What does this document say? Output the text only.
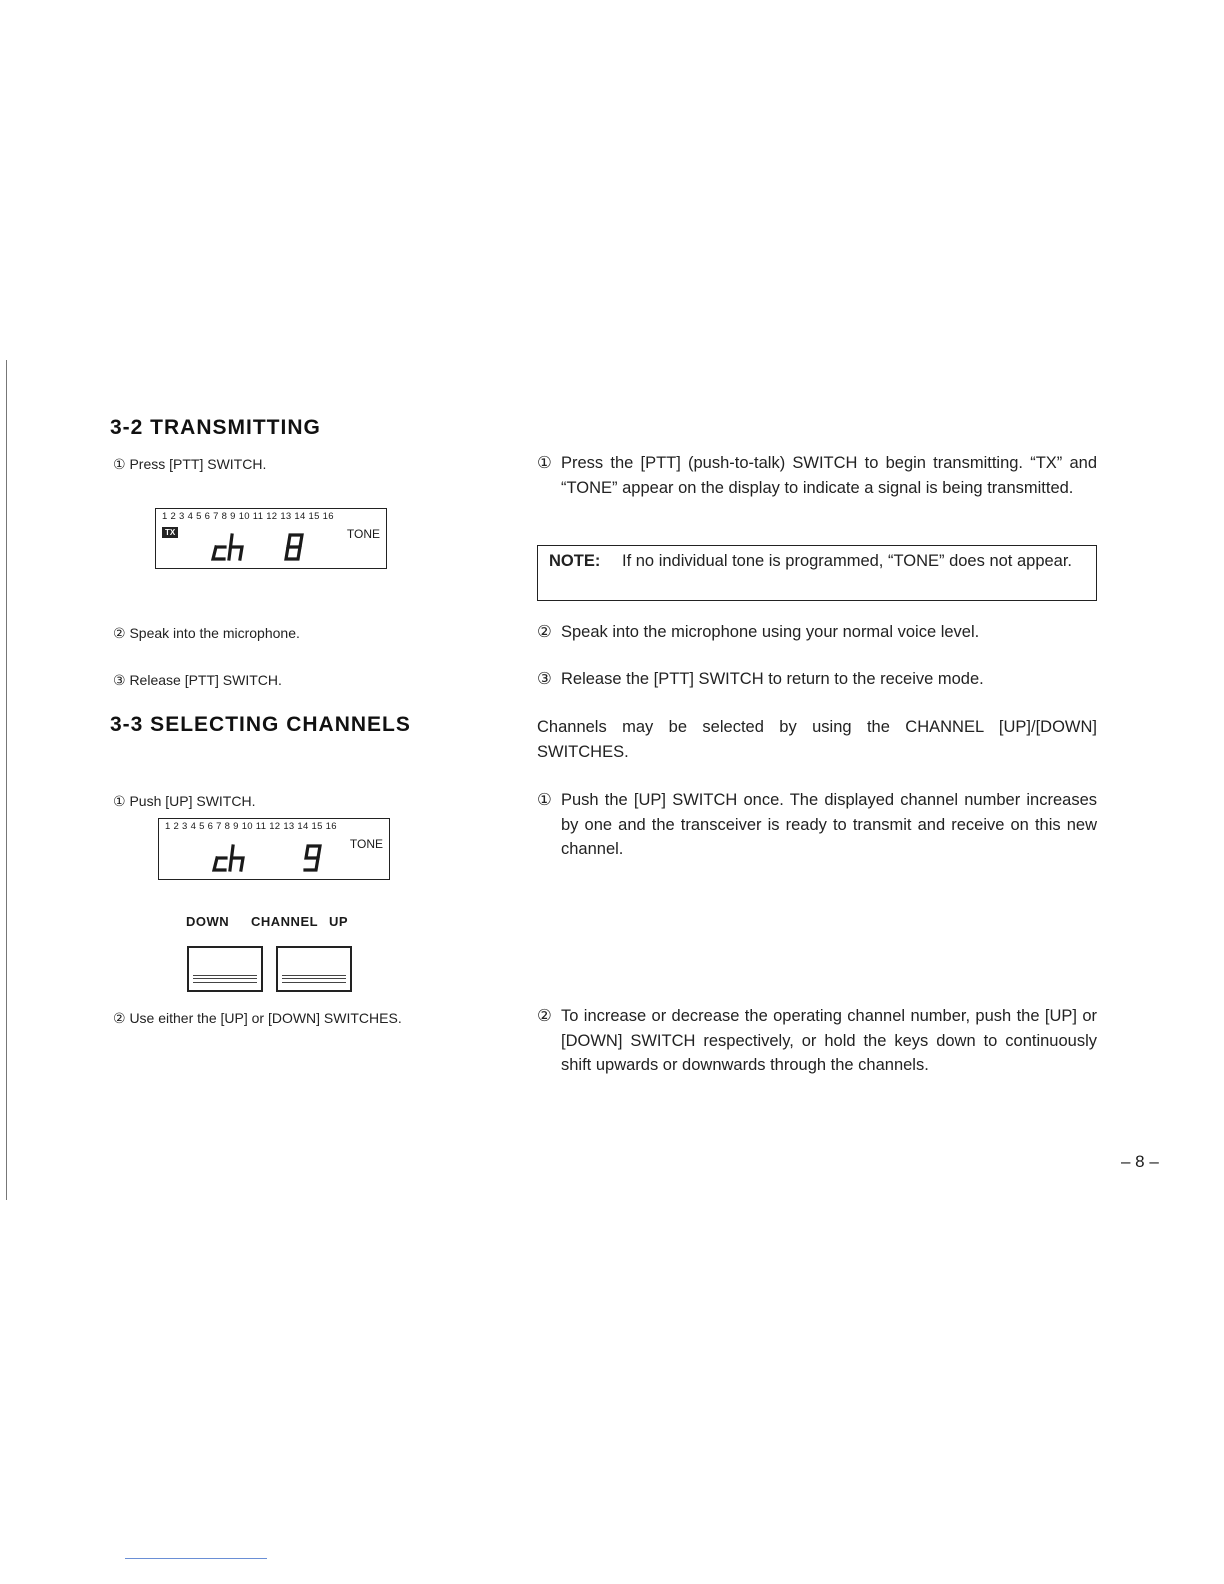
3-2 TRANSMITTING
① Press [PTT] SWITCH.
1 2 3 4 5 6 7 8 9 10 11 12 13 14 15 16
TX	TONE
② Speak into the microphone.
③ Release [PTT] SWITCH.
① Press the [PTT] (push-to-talk) SWITCH to begin transmitting. “TX” and “TONE” appear on the display to indicate a signal is being transmitted.
NOTE: If no individual tone is programmed, “TONE” does not appear.
② Speak into the microphone using your normal voice level.
③ Release the [PTT] SWITCH to return to the receive mode.
3-3 SELECTING CHANNELS	Channels may be selected by using the CHANNEL [UP]/[DOWN] SWITCHES.
① Push [UP] SWITCH.
1 2 3 4 5 6 7 8 9 10 11 12 13 14 15 16
TONE
① Push the [UP] SWITCH once. The displayed channel number increases by one and the transceiver is ready to transmit and receive on this new channel.
DOWN CHANNEL UP
② Use either the [UP] or [DOWN] SWITCHES.	② To increase or decrease the operating channel number, push the [UP] or [DOWN] SWITCH respectively, or hold the keys down to continuously shift upwards or downwards through the channels.
– 8 –
